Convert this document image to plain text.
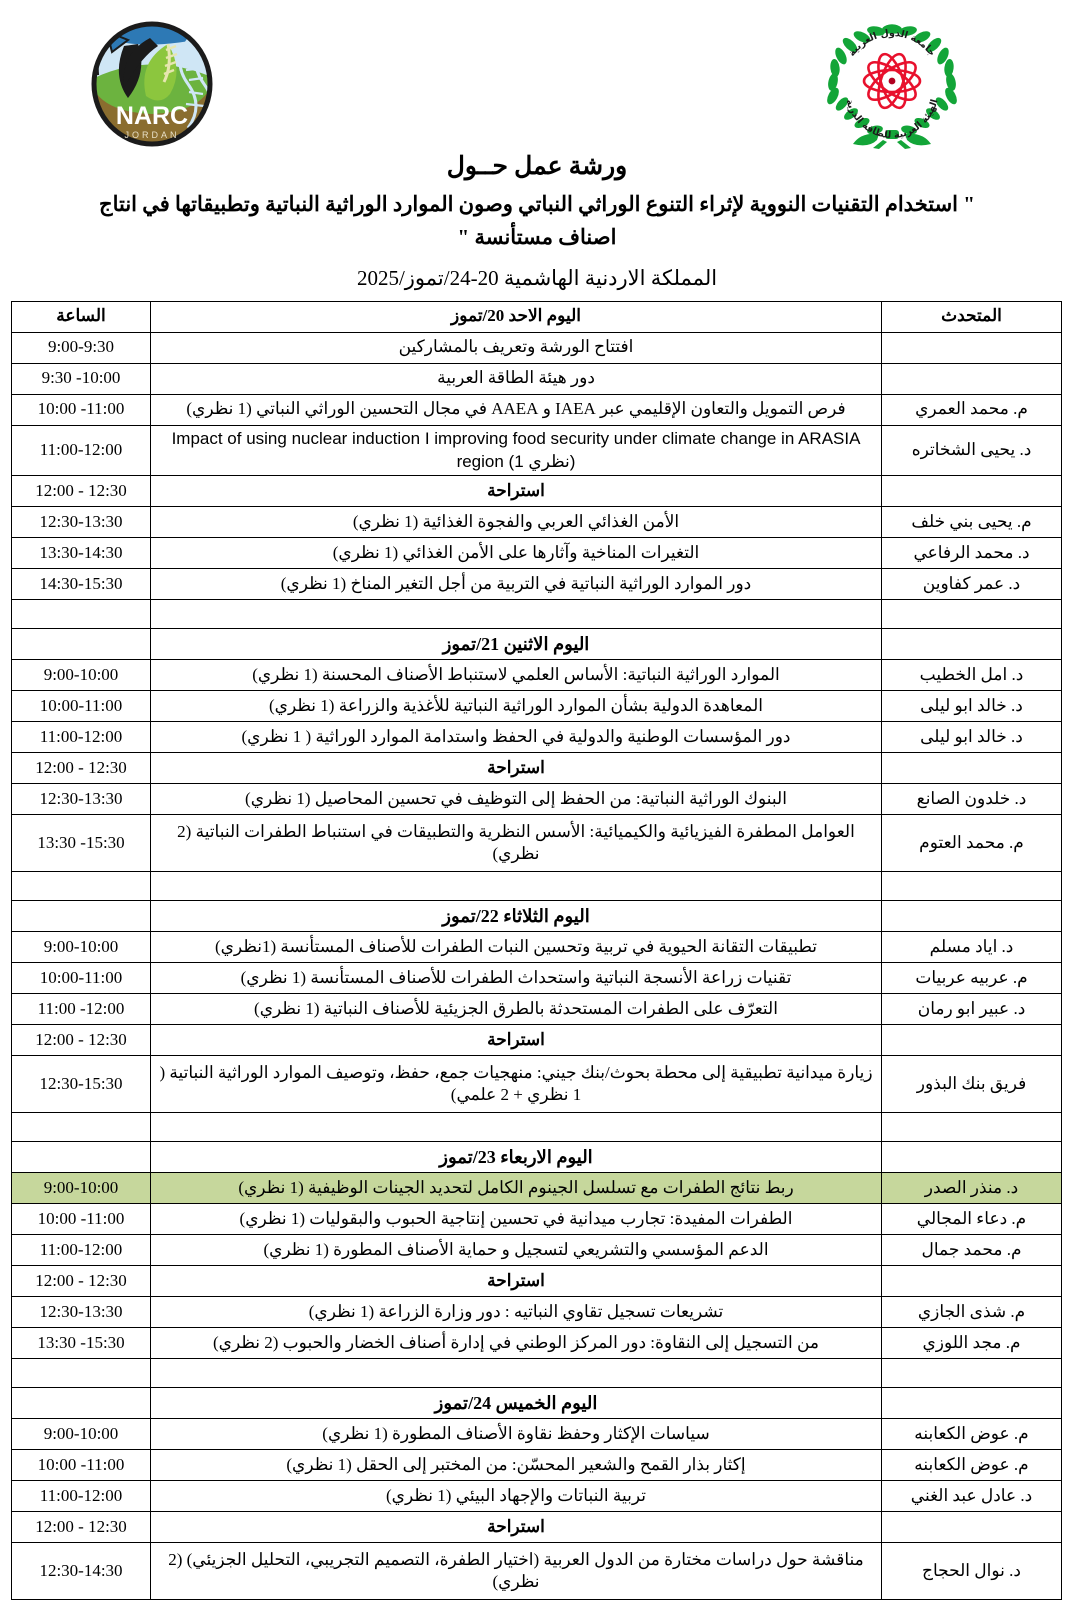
NARC
JORDAN
جامعة الدول العربية
الهيئة العربية للطاقة الذرية
ورشة عمل حــول
" استخدام التقنيات النووية لإثراء التنوع الوراثي النباتي وصون الموارد الوراثية النباتية وتطبيقاتها في انتاج اصناف مستأنسة "
المملكة الاردنية الهاشمية 20-24/تموز/2025
المتحدث	اليوم الاحد 20/تموز	الساعة
	افتتاح الورشة وتعريف بالمشاركين	9:00-9:30
	دور هيئة الطاقة العربية	9:30 -10:00
م. محمد العمري	فرص التمويل والتعاون الإقليمي عبر IAEA و AAEA في مجال التحسين الوراثي النباتي (1 نظري)	10:00 -11:00
د. يحيى الشخاتره	Impact of using nuclear induction I improving food security under climate change in ARASIA region (1 نظري)	11:00-12:00
	استراحة	12:00 - 12:30
م. يحيى بني خلف	الأمن الغذائي العربي والفجوة الغذائية (1 نظري)	12:30-13:30
د. محمد الرفاعي	التغيرات المناخية وآثارها على الأمن الغذائي (1 نظري)	13:30-14:30
د. عمر كفاوين	دور الموارد الوراثية النباتية في التربية من أجل التغير المناخ (1 نظري)	14:30-15:30

	اليوم الاثنين 21/تموز	
د. امل الخطيب	الموارد الوراثية النباتية: الأساس العلمي لاستنباط الأصناف المحسنة (1 نظري)	9:00-10:00
د. خالد ابو ليلى	المعاهدة الدولية بشأن الموارد الوراثية النباتية للأغذية والزراعة (1 نظري)	10:00-11:00
د. خالد ابو ليلى	دور المؤسسات الوطنية والدولية في الحفظ واستدامة الموارد الوراثية ( 1 نظري)	11:00-12:00
	استراحة	12:00 - 12:30
د. خلدون الصانع	البنوك الوراثية النباتية: من الحفظ إلى التوظيف في تحسين المحاصيل (1 نظري)	12:30-13:30
م. محمد العتوم	العوامل المطفرة الفيزيائية والكيميائية: الأسس النظرية والتطبيقات في استنباط الطفرات النباتية (2 نظري)	13:30 -15:30

	اليوم الثلاثاء 22/تموز	
د. اياد مسلم	تطبيقات التقانة الحيوية في تربية وتحسين النبات الطفرات للأصناف المستأنسة (1نظري)	9:00-10:00
م. عربيه عربيات	تقنيات زراعة الأنسجة النباتية واستحداث الطفرات للأصناف المستأنسة (1 نظري)	10:00-11:00
د. عبير ابو رمان	التعرّف على الطفرات المستحدثة بالطرق الجزيئية للأصناف النباتية (1 نظري)	11:00 -12:00
	استراحة	12:00 - 12:30
فريق بنك البذور	زيارة ميدانية تطبيقية إلى محطة بحوث/بنك جيني: منهجيات جمع، حفظ، وتوصيف الموارد الوراثية النباتية ( 1 نظري + 2 علمي)	12:30-15:30

	اليوم الاربعاء 23/تموز	
د. منذر الصدر	ربط نتائج الطفرات مع تسلسل الجينوم الكامل لتحديد الجينات الوظيفية (1 نظري)	9:00-10:00
م. دعاء المجالي	الطفرات المفيدة: تجارب ميدانية في تحسين إنتاجية الحبوب والبقوليات (1 نظري)	10:00 -11:00
م. محمد جمال	الدعم المؤسسي والتشريعي لتسجيل و حماية الأصناف المطورة (1 نظري)	11:00-12:00
	استراحة	12:00 - 12:30
م. شذى الجازي	تشريعات تسجيل تقاوي النباتيه : دور وزارة الزراعة (1 نظري)	12:30-13:30
م. مجد اللوزي	من التسجيل إلى النقاوة: دور المركز الوطني في إدارة أصناف الخضار والحبوب (2 نظري)	13:30 -15:30

	اليوم الخميس 24/تموز	
م. عوض الكعابنه	سياسات الإكثار وحفظ نقاوة الأصناف المطورة (1 نظري)	9:00-10:00
م. عوض الكعابنه	إكثار بذار القمح والشعير المحسّن: من المختبر إلى الحقل (1 نظري)	10:00 -11:00
د. عادل عبد الغني	تربية النباتات والإجهاد البيئي (1 نظري)	11:00-12:00
	استراحة	12:00 - 12:30
د. نوال الحجاج	مناقشة حول دراسات مختارة من الدول العربية (اختيار الطفرة، التصميم التجريبي، التحليل الجزيئي) (2 نظري)	12:30-14:30
